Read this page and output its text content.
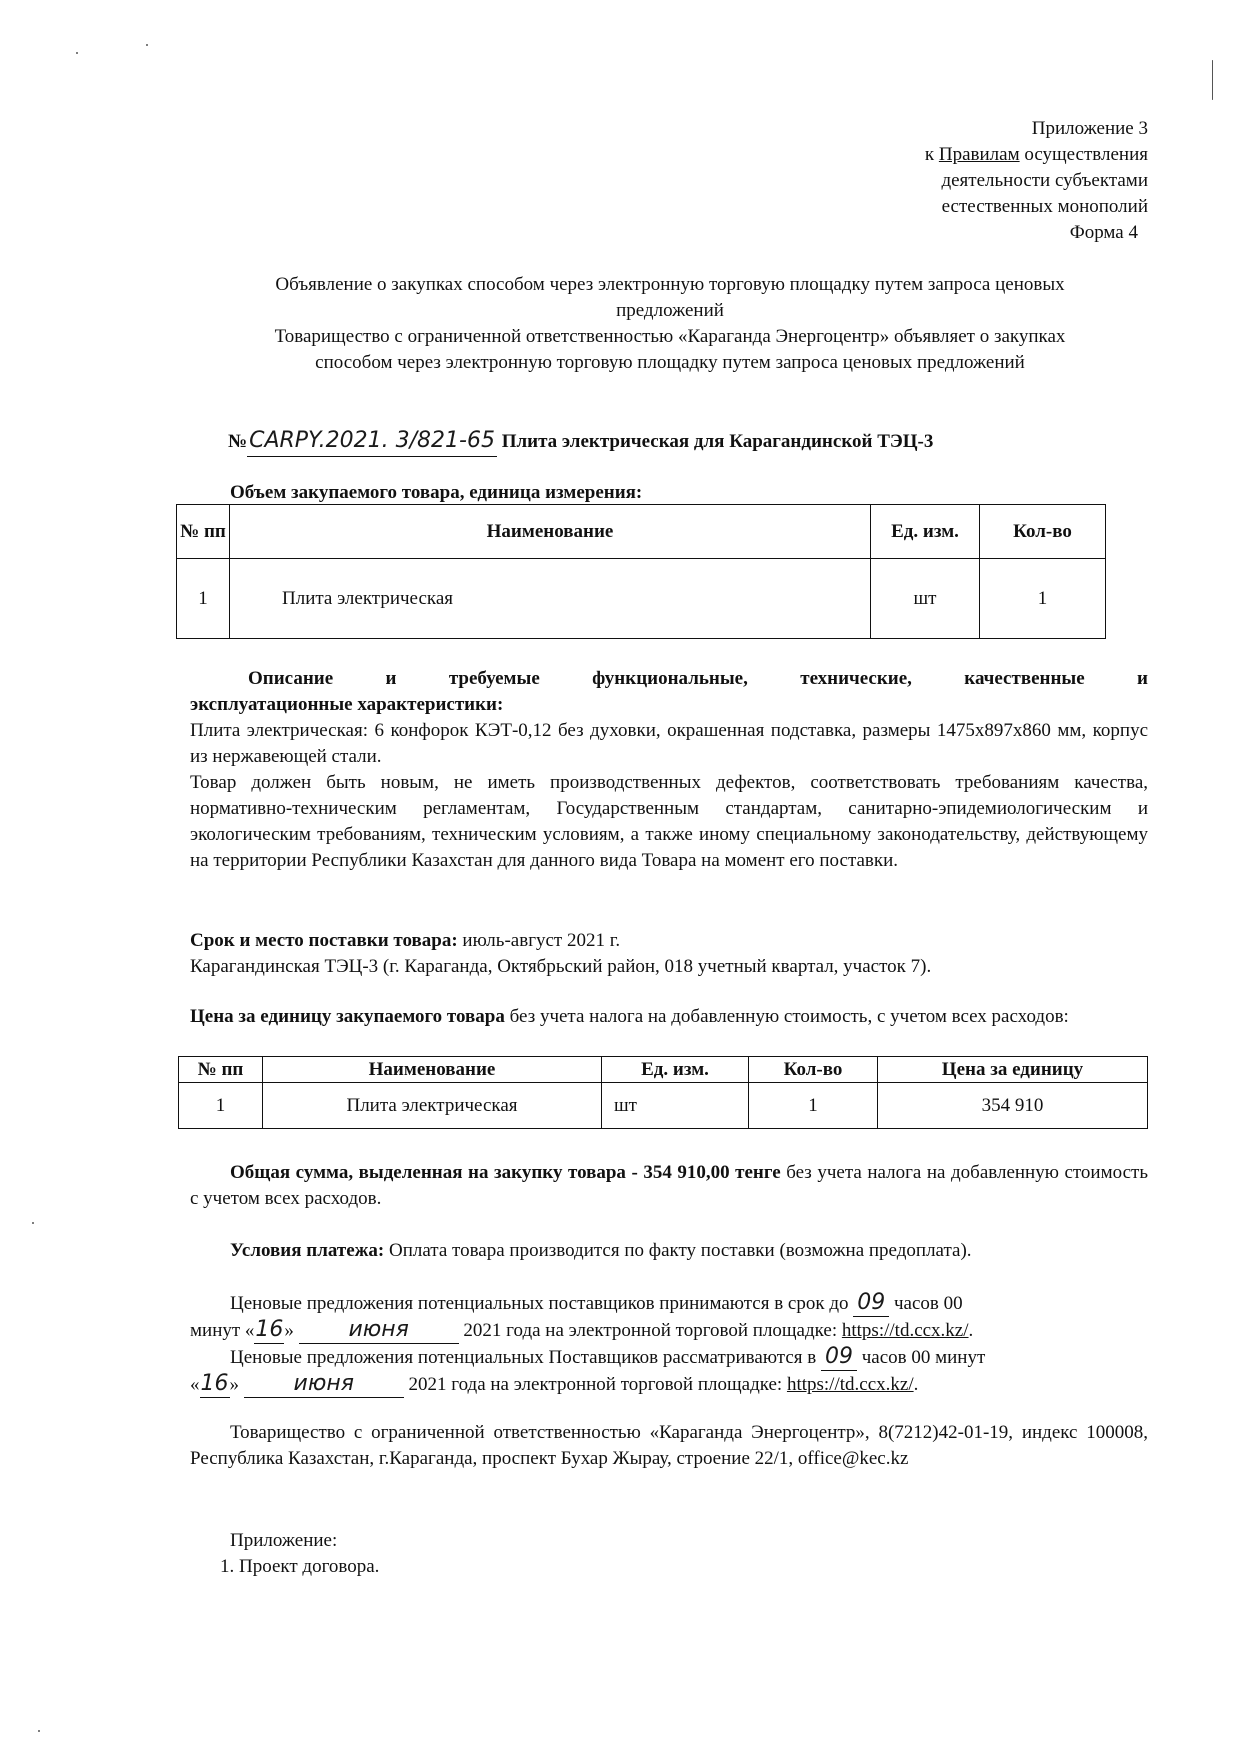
Приложение 3
к Правилам осуществления
деятельности субъектами
естественных монополий
Форма 4
Объявление о закупках способом через электронную торговую площадку путем запроса ценовых
предложений
Товарищество с ограниченной ответственностью «Караганда Энергоцентр» объявляет о закупках
способом через электронную торговую площадку путем запроса ценовых предложений
№CARPY.2021. 3/821-65 Плита электрическая для Карагандинской ТЭЦ-3
Объем закупаемого товара, единица измерения:
№ пп	Наименование	Ед. изм.	Кол-во
1	Плита электрическая	шт	1
Описание и требуемые функциональные, технические, качественные и
эксплуатационные характеристики:
Плита электрическая: 6 конфорок КЭТ-0,12 без духовки, окрашенная подставка, размеры 1475х897х860 мм, корпус из нержавеющей стали.
Товар должен быть новым, не иметь производственных дефектов, соответствовать требованиям качества, нормативно-техническим регламентам, Государственным стандартам, санитарно-эпидемиологическим и экологическим требованиям, техническим условиям, а также иному специальному законодательству, действующему на территории Республики Казахстан для данного вида Товара на момент его поставки.
Срок и место поставки товара: июль-август 2021 г.
Карагандинская ТЭЦ-3 (г. Караганда, Октябрьский район, 018 учетный квартал, участок 7).
Цена за единицу закупаемого товара без учета налога на добавленную стоимость, с учетом всех расходов:
№ пп	Наименование	Ед. изм.	Кол-во	Цена за единицу
1	Плита электрическая	шт	1	354 910
Общая сумма, выделенная на закупку товара - 354 910,00 тенге без учета налога на добавленную стоимость с учетом всех расходов.
Условия платежа: Оплата товара производится по факту поставки (возможна предоплата).
Ценовые предложения потенциальных поставщиков принимаются в срок до 09 часов 00
минут «16» июня	2021 года на электронной торговой площадке: https://td.ccx.kz/.
Ценовые предложения потенциальных Поставщиков рассматриваются в 09 часов 00 минут
«16» июня	2021 года на электронной торговой площадке: https://td.ccx.kz/.
Товарищество с ограниченной ответственностью «Караганда Энергоцентр», 8(7212)42-01-19, индекс 100008, Республика Казахстан, г.Караганда, проспект Бухар Жырау, строение 22/1, office@kec.kz
Приложение:
1. Проект договора.
